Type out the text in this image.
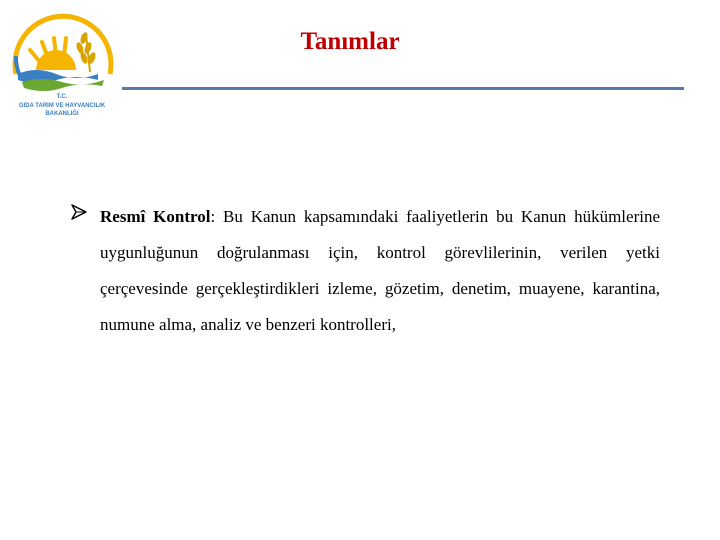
T.C.
GIDA TARIM VE HAYVANCILIK
BAKANLIĞI
Tanımlar

Resmî Kontrol: Bu Kanun kapsamındaki faaliyetlerin bu Kanun hükümlerine uygunluğunun doğrulanması için, kontrol görevlilerinin, verilen yetki çerçevesinde gerçekleştirdikleri izleme, gözetim, denetim, muayene, karantina, numune alma, analiz ve benzeri kontrolleri,
